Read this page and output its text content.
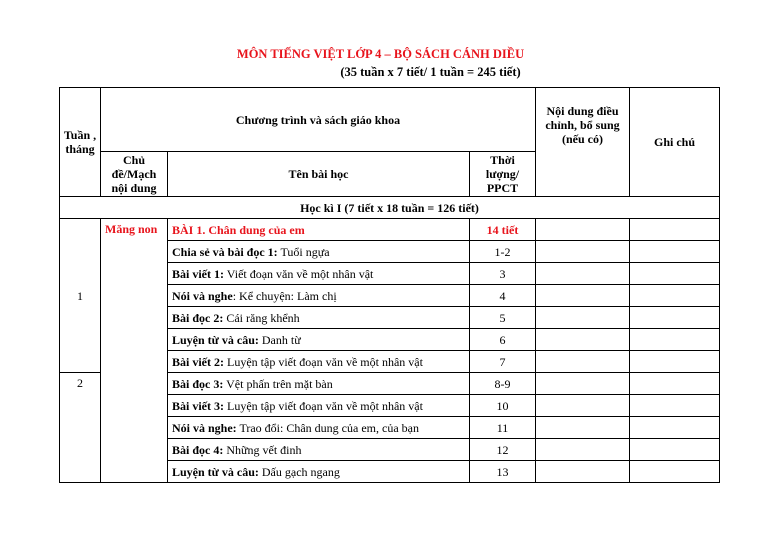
MÔN TIẾNG VIỆT LỚP 4 – BỘ SÁCH CÁNH DIỀU
(35 tuần x 7 tiết/ 1 tuần = 245 tiết)
Tuần , tháng	Chương trình và sách giáo khoa			Nội dung điều chỉnh, bổ sung (nếu có)	Ghi chú
	Chủ đề/Mạch nội dung	Tên bài học	Thời lượng/ PPCT		
Học kì I (7 tiết x 18 tuần = 126 tiết)					
1	Măng non	BÀI 1. Chân dung của em	14 tiết		
		Chia sẻ và bài đọc 1: Tuổi ngựa	1-2		
		Bài viết 1: Viết đoạn văn về một nhân vật	3		
		Nói và nghe: Kể chuyện: Làm chị	4		
		Bài đọc 2: Cái răng khểnh	5		
		Luyện từ và câu: Danh từ	6		
		Bài viết 2: Luyện tập viết đoạn văn về một nhân vật	7		
2		Bài đọc 3: Vệt phấn trên mặt bàn	8-9		
		Bài viết 3: Luyện tập viết đoạn văn về một nhân vật	10		
		Nói và nghe: Trao đổi: Chân dung của em, của bạn	11		
		Bài đọc 4: Những vết đinh	12		
		Luyện từ và câu: Dấu gạch ngang	13		
